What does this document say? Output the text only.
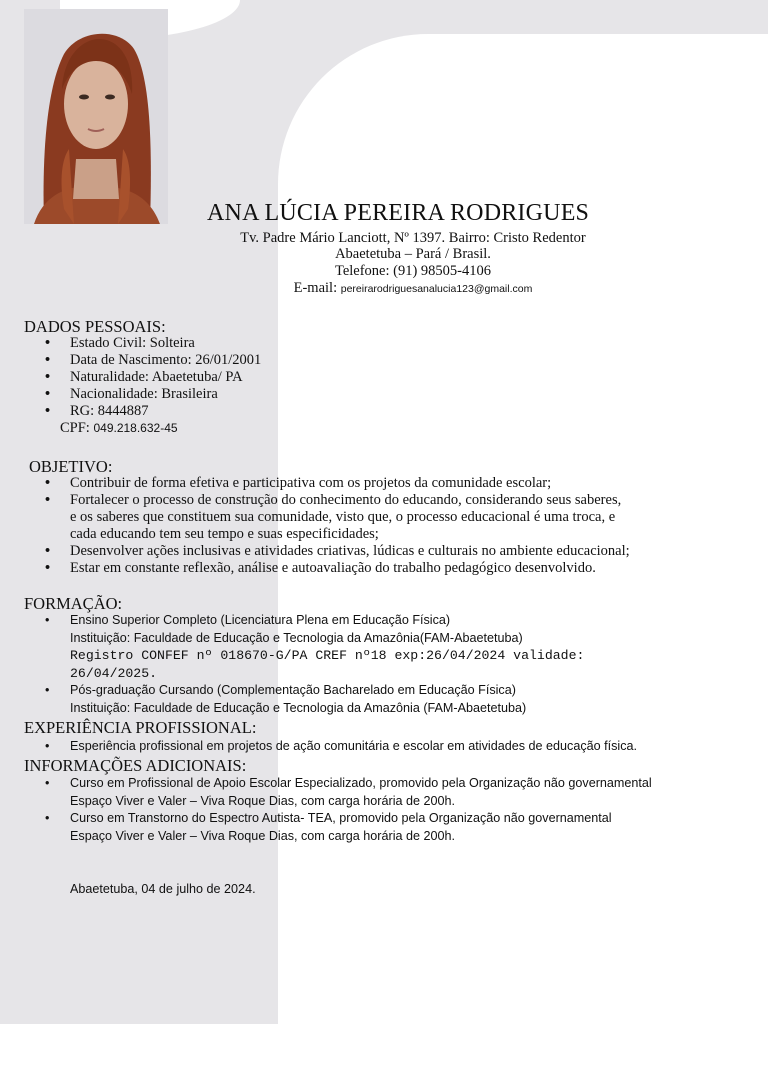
ANA LÚCIA PEREIRA RODRIGUES
Tv. Padre Mário Lanciott, Nº 1397. Bairro: Cristo Redentor
Abaetetuba – Pará / Brasil.
Telefone: (91) 98505-4106
E-mail: pereirarodriguesanalucia123@gmail.com
DADOS PESSOAIS:
• Estado Civil: Solteira
• Data de Nascimento: 26/01/2001
• Naturalidade: Abaetetuba/ PA
• Nacionalidade: Brasileira
• RG: 8444887
CPF: 049.218.632-45
OBJETIVO:
• Contribuir de forma efetiva e participativa com os projetos da comunidade escolar;
• Fortalecer o processo de construção do conhecimento do educando, considerando seus saberes,
e os saberes que constituem sua comunidade, visto que, o processo educacional é uma troca, e
cada educando tem seu tempo e suas especificidades;
• Desenvolver ações inclusivas e atividades criativas, lúdicas e culturais no ambiente educacional;
• Estar em constante reflexão, análise e autoavaliação do trabalho pedagógico desenvolvido.
FORMAÇÃO:
• Ensino Superior Completo (Licenciatura Plena em Educação Física)
Instituição: Faculdade de Educação e Tecnologia da Amazônia(FAM-Abaetetuba)
Registro CONFEF nº 018670-G/PA CREF nº18 exp:26/04/2024 validade:
26/04/2025.
• Pós-graduação Cursando (Complementação Bacharelado em Educação Física)
Instituição: Faculdade de Educação e Tecnologia da Amazônia (FAM-Abaetetuba)
EXPERIÊNCIA PROFISSIONAL:
• Esperiência profissional em projetos de ação comunitária e escolar em atividades de educação física.
INFORMAÇÕES ADICIONAIS:
• Curso em Profissional de Apoio Escolar Especializado, promovido pela Organização não governamental
Espaço Viver e Valer – Viva Roque Dias, com carga horária de 200h.
• Curso em Transtorno do Espectro Autista- TEA, promovido pela Organização não governamental
Espaço Viver e Valer – Viva Roque Dias, com carga horária de 200h.
Abaetetuba, 04 de julho de 2024.
